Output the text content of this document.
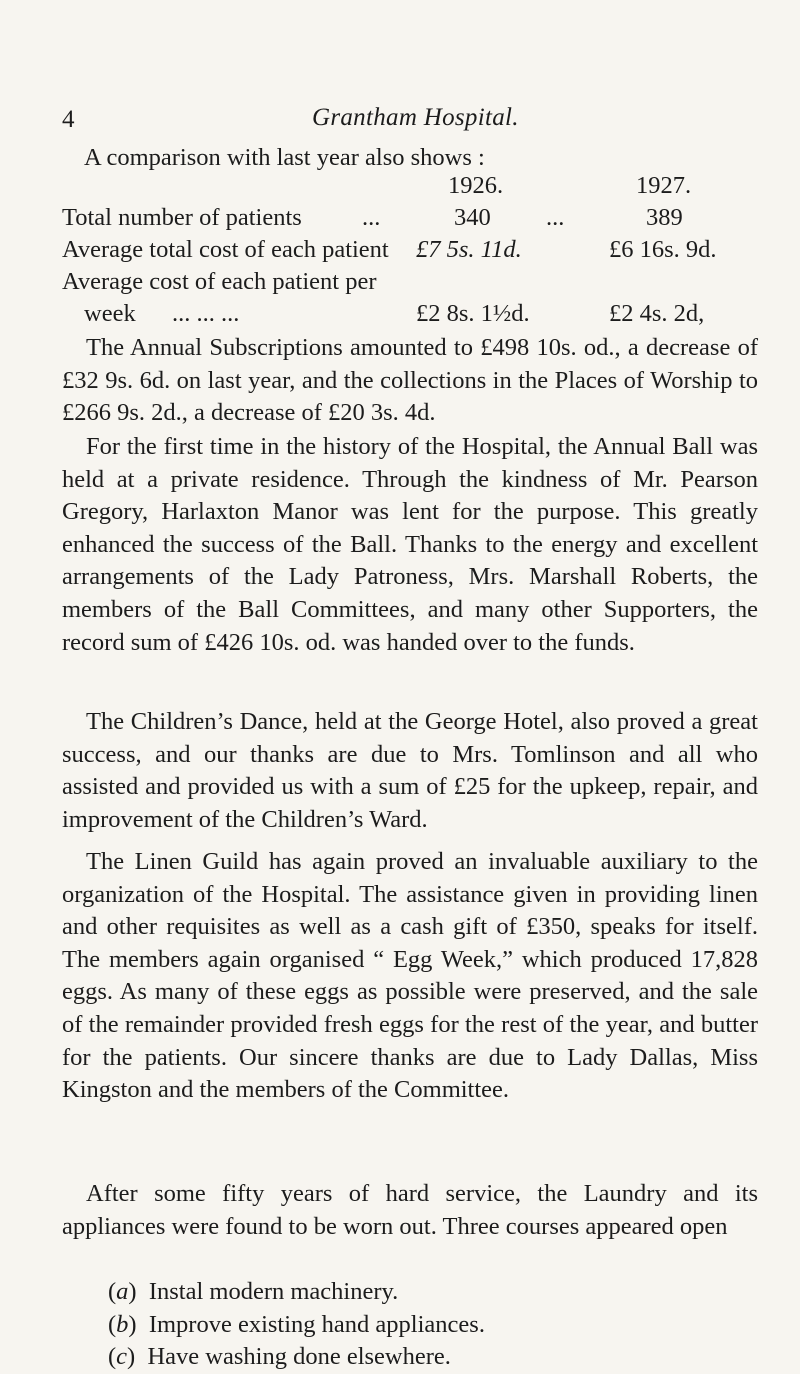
4	Grantham Hospital.
A comparison with last year also shows :
1926.	1927.
Total number of patients ...	340 ...	389
Average total cost of each patient £7 5s. 11d.	£6 16s. 9d.
Average cost of each patient per
week ... ... ...	£2 8s. 1½d.	£2 4s. 2d,

The Annual Subscriptions amounted to £498 10s. od., a decrease of £32 9s. 6d. on last year, and the collections in the Places of Worship to £266 9s. 2d., a decrease of £20 3s. 4d.

For the first time in the history of the Hospital, the Annual Ball was held at a private residence. Through the kindness of Mr. Pearson Gregory, Harlaxton Manor was lent for the purpose. This greatly enhanced the success of the Ball. Thanks to the energy and excellent arrangements of the Lady Patroness, Mrs. Marshall Roberts, the members of the Ball Committees, and many other Supporters, the record sum of £426 10s. od. was handed over to the funds.

The Children’s Dance, held at the George Hotel, also proved a great success, and our thanks are due to Mrs. Tomlinson and all who assisted and provided us with a sum of £25 for the upkeep, repair, and improvement of the Children’s Ward.

The Linen Guild has again proved an invaluable auxiliary to the organization of the Hospital. The assistance given in providing linen and other requisites as well as a cash gift of £350, speaks for itself. The members again organised “ Egg Week,” which produced 17,828 eggs. As many of these eggs as possible were preserved, and the sale of the remainder provided fresh eggs for the rest of the year, and butter for the patients. Our sincere thanks are due to Lady Dallas, Miss Kingston and the members of the Committee.

After some fifty years of hard service, the Laundry and its appliances were found to be worn out. Three courses appeared open

(a) Instal modern machinery.
(b) Improve existing hand appliances.
(c) Have washing done elsewhere.
